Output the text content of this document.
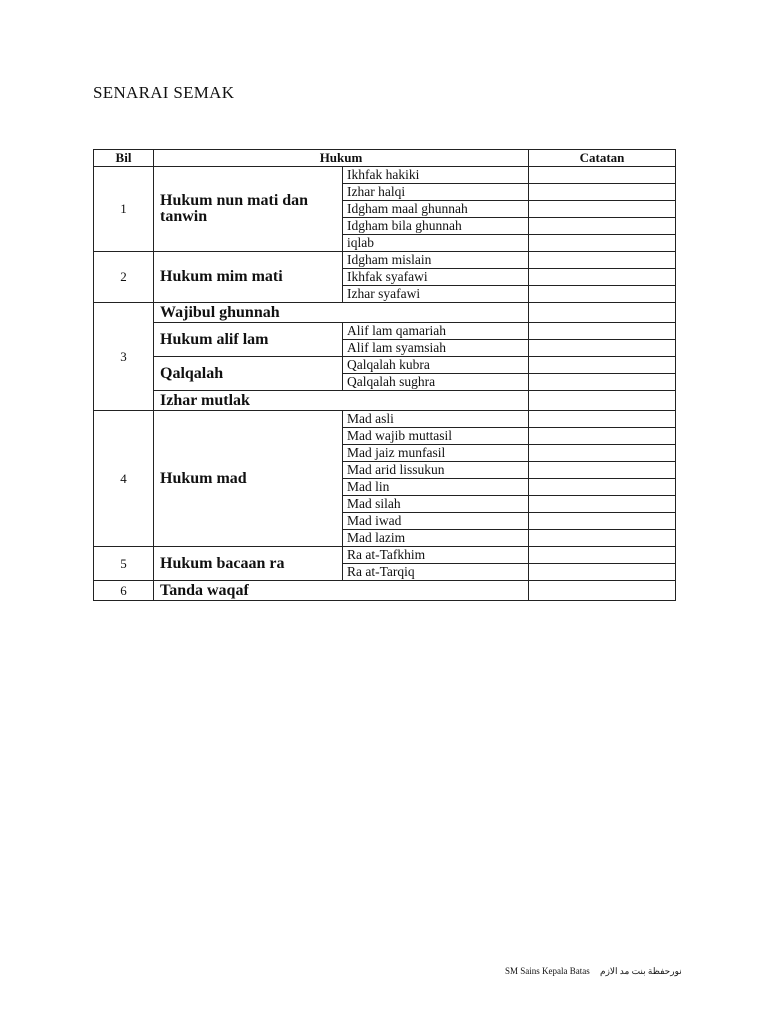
SENARAI SEMAK
Bil	Hukum		Catatan
1	Hukum nun mati dan tanwin	Ikhfak hakiki	
		Izhar halqi	
		Idgham maal ghunnah	
		Idgham bila ghunnah	
		iqlab	
2	Hukum mim mati	Idgham mislain	
		Ikhfak syafawi	
		Izhar syafawi	
3	Wajibul ghunnah		
	Hukum alif lam	Alif lam qamariah	
		Alif lam syamsiah	
	Qalqalah	Qalqalah kubra	
		Qalqalah sughra	
	Izhar mutlak		
4	Hukum mad	Mad asli	
		Mad wajib muttasil	
		Mad jaiz munfasil	
		Mad arid lissukun	
		Mad lin	
		Mad silah	
		Mad iwad	
		Mad lazim	
5	Hukum bacaan ra	Ra at-Tafkhim	
		Ra at-Tarqiq	
6	Tanda waqaf		
SM Sains Kepala Batas نورحفظة بنت مد الازم
